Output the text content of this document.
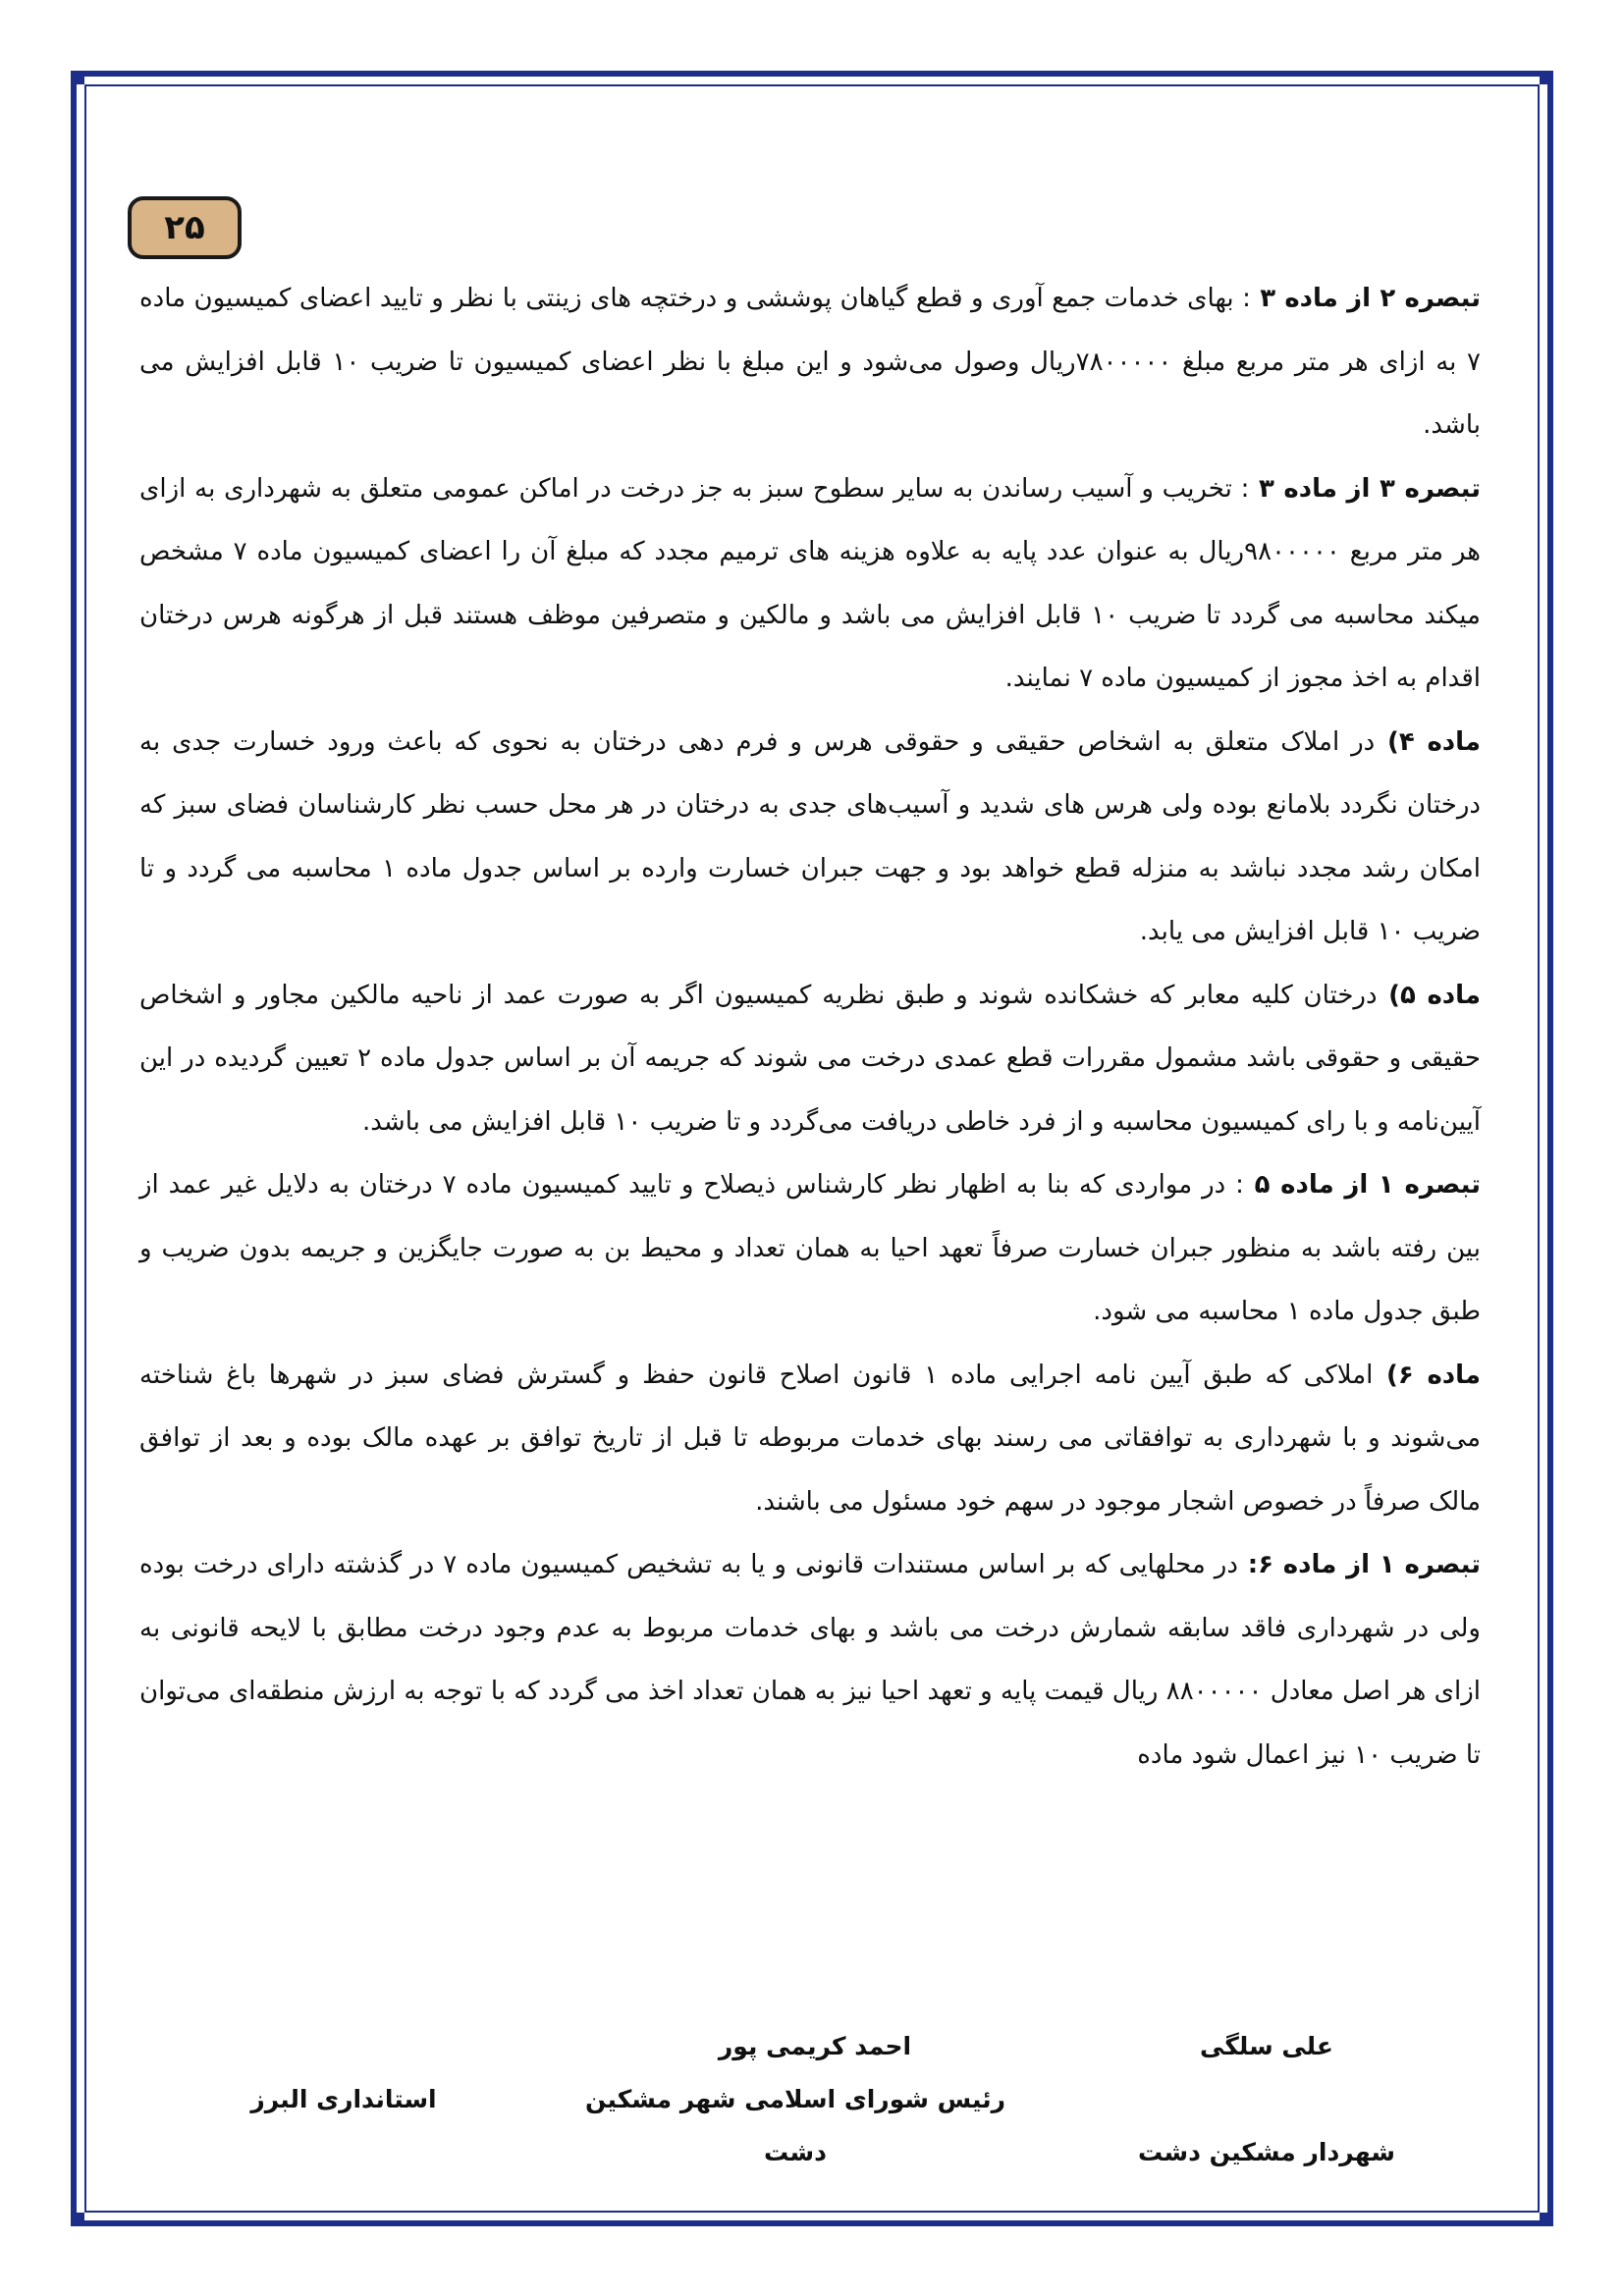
۲۵

تبصره ۲ از ماده ۳ : بهای خدمات جمع آوری و قطع گیاهان پوششی و درختچه های زینتی با نظر و تایید اعضای کمیسیون ماده ۷ به ازای هر متر مربع مبلغ ۷۸۰۰۰۰۰ریال وصول می‌شود و این مبلغ با نظر اعضای کمیسیون تا ضریب ۱۰ قابل افزایش می باشد.

تبصره ۳ از ماده ۳ : تخریب و آسیب رساندن به سایر سطوح سبز به جز درخت در اماکن عمومی متعلق به شهرداری به ازای هر متر مربع ۹۸۰۰۰۰۰ریال به عنوان عدد پایه به علاوه هزینه های ترمیم مجدد که مبلغ آن را اعضای کمیسیون ماده ۷ مشخص میکند محاسبه می گردد تا ضریب ۱۰ قابل افزایش می باشد و مالکین و متصرفین موظف هستند قبل از هرگونه هرس درختان اقدام به اخذ مجوز از کمیسیون ماده ۷ نمایند.

ماده ۴) در املاک متعلق به اشخاص حقیقی و حقوقی هرس و فرم دهی درختان به نحوی که باعث ورود خسارت جدی به درختان نگردد بلامانع بوده ولی هرس های شدید و آسیب‌های جدی به درختان در هر محل حسب نظر کارشناسان فضای سبز که امکان رشد مجدد نباشد به منزله قطع خواهد بود و جهت جبران خسارت وارده بر اساس جدول ماده ۱ محاسبه می گردد و تا ضریب ۱۰ قابل افزایش می یابد.

ماده ۵) درختان کلیه معابر که خشکانده شوند و طبق نظریه کمیسیون اگر به صورت عمد از ناحیه مالکین مجاور و اشخاص حقیقی و حقوقی باشد مشمول مقررات قطع عمدی درخت می شوند که جریمه آن بر اساس جدول ماده ۲ تعیین گردیده در این آیین‌نامه و با رای کمیسیون محاسبه و از فرد خاطی دریافت می‌گردد و تا ضریب ۱۰ قابل افزایش می باشد.

تبصره ۱ از ماده ۵ : در مواردی که بنا به اظهار نظر کارشناس ذیصلاح و تایید کمیسیون ماده ۷ درختان به دلایل غیر عمد از بین رفته باشد به منظور جبران خسارت صرفاً تعهد احیا به همان تعداد و محیط بن به صورت جایگزین و جریمه بدون ضریب و طبق جدول ماده ۱ محاسبه می شود.

ماده ۶) املاکی که طبق آیین نامه اجرایی ماده ۱ قانون اصلاح قانون حفظ و گسترش فضای سبز در شهرها باغ شناخته می‌شوند و با شهرداری به توافقاتی می رسند بهای خدمات مربوطه تا قبل از تاریخ توافق بر عهده مالک بوده و بعد از توافق مالک صرفاً در خصوص اشجار موجود در سهم خود مسئول می باشند.

تبصره ۱ از ماده ۶: در محلهایی که بر اساس مستندات قانونی و یا به تشخیص کمیسیون ماده ۷ در گذشته دارای درخت بوده ولی در شهرداری فاقد سابقه شمارش درخت می باشد و بهای خدمات مربوط به عدم وجود درخت مطابق با لایحه قانونی به ازای هر اصل معادل ۸۸۰۰۰۰۰ ریال قیمت پایه و تعهد احیا نیز به همان تعداد اخذ می گردد که با توجه به ارزش منطقه‌ای می‌توان تا ضریب ۱۰ نیز اعمال شود ماده

علی سلگی
شهردار مشکین دشت
احمد کریمی پور
رئیس شورای اسلامی شهر مشکین
دشت
استانداری البرز
